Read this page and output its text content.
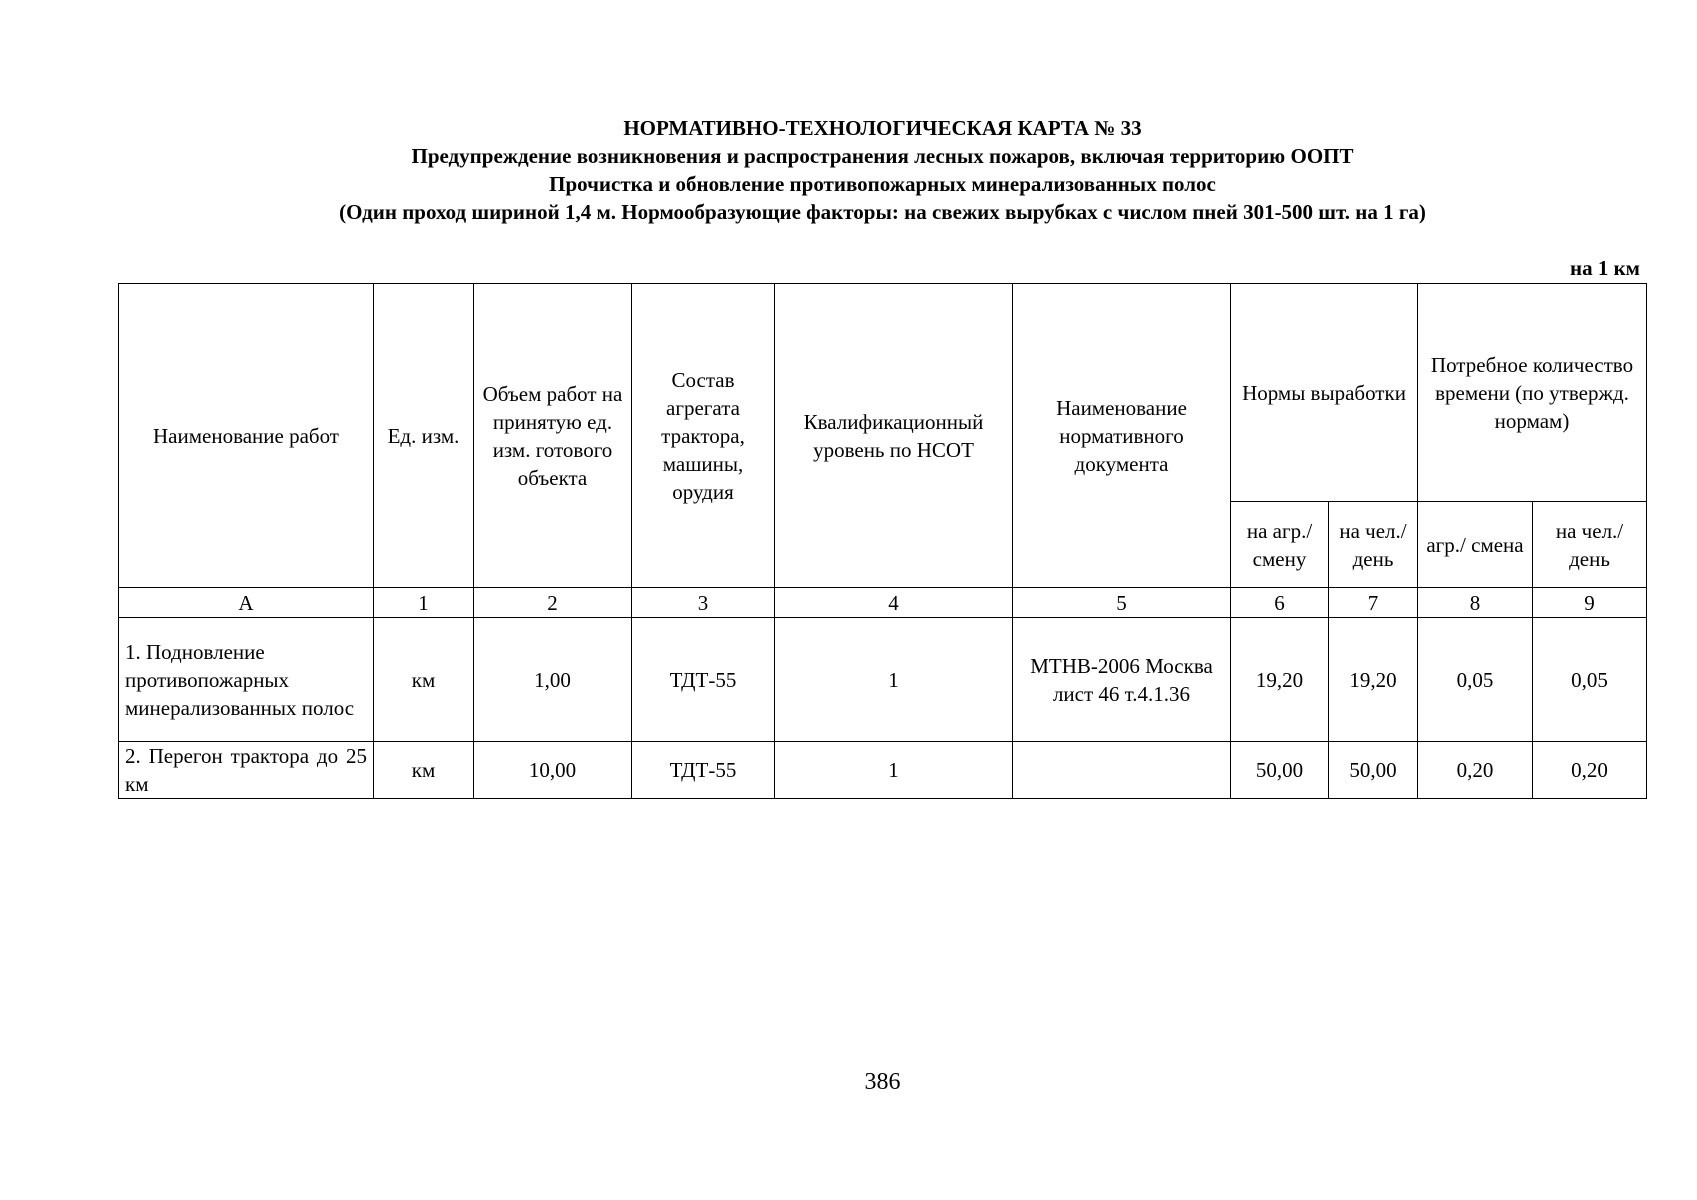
НОРМАТИВНО-ТЕХНОЛОГИЧЕСКАЯ КАРТА № 33
Предупреждение возникновения и распространения лесных пожаров, включая территорию ООПТ
Прочистка и обновление противопожарных минерализованных полос
(Один проход шириной 1,4 м. Нормообразующие факторы: на свежих вырубках с числом пней 301-500 шт. на 1 га)
на 1 км
Наименование работ	Ед. изм.	Объем работ на принятую ед. изм. готового объекта	Состав агрегата трактора, машины, орудия	Квалификационный уровень по НСОТ	Наименование нормативного документа	Нормы выработки		Потребное количество времени (по утвержд. нормам)	
						на агр./ смену	на чел./ день	агр./ смена	на чел./ день
А	1	2	3	4	5	6	7	8	9
1. Подновление противопожарных минерализованных полос	км	1,00	ТДТ-55	1	МТНВ-2006 Москва лист 46 т.4.1.36	19,20	19,20	0,05	0,05
2. Перегон трактора до 25 км	км	10,00	ТДТ-55	1		50,00	50,00	0,20	0,20
386
